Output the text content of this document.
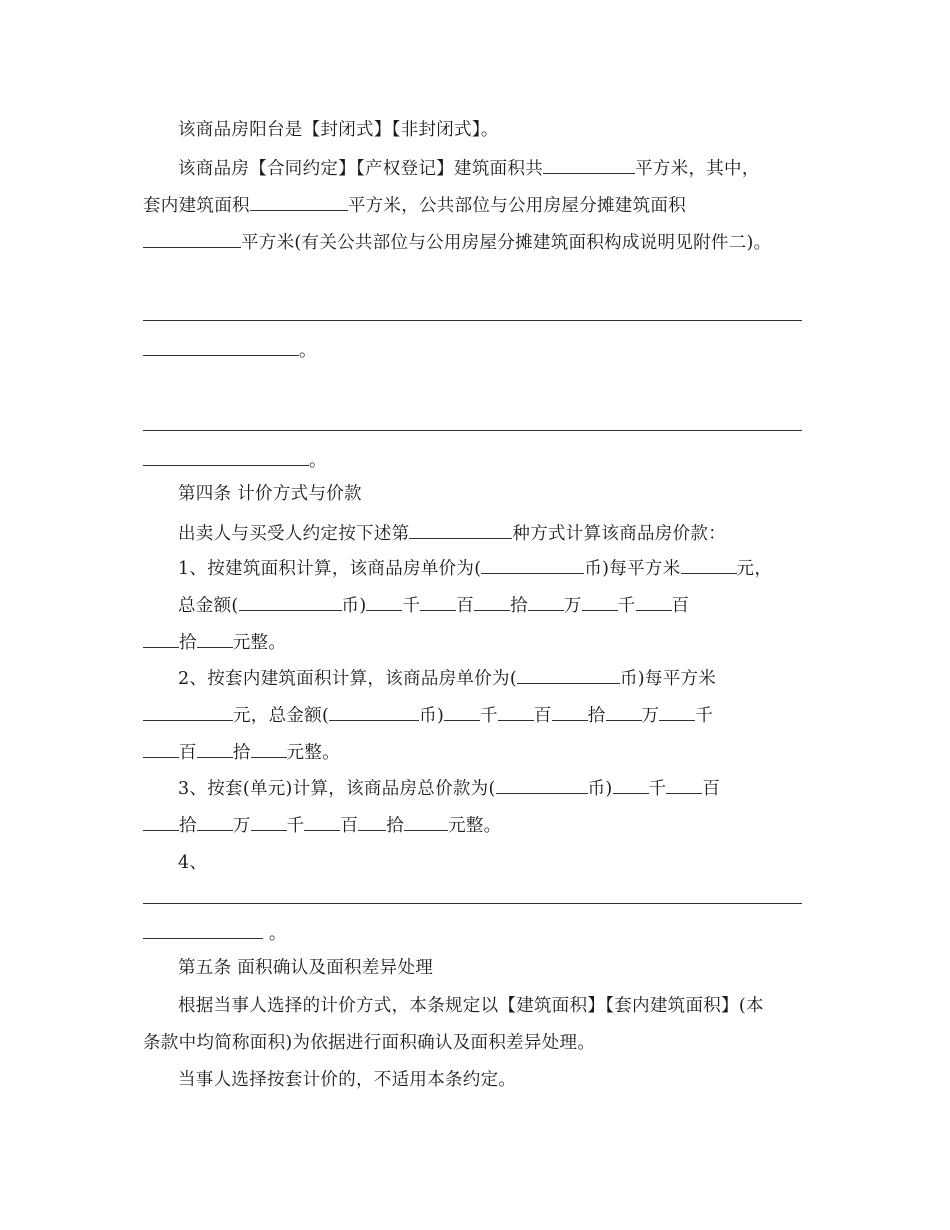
该商品房阳台是【封闭式】【非封闭式】。
该商品房【合同约定】【产权登记】建筑面积共	平方米，其中，
套内建筑面积	平方米，公共部位与公用房屋分摊建筑面积
平方米(有关公共部位与公用房屋分摊建筑面积构成说明见附件二)。
。
。
第四条 计价方式与价款
出卖人与买受人约定按下述第	种方式计算该商品房价款：
1、按建筑面积计算，该商品房单价为(	币)每平方米	元，
总金额(	币) 千 百 拾 万 千 百
拾 元整。
2、按套内建筑面积计算，该商品房单价为(	币)每平方米
元，总金额(	币) 千 百 拾 万 千
百 拾 元整。
3、按套(单元)计算，该商品房总价款为(	币) 千 百
拾 万 千 百 拾	元整。
4、
。
第五条 面积确认及面积差异处理
根据当事人选择的计价方式，本条规定以【建筑面积】【套内建筑面积】(本
条款中均简称面积)为依据进行面积确认及面积差异处理。
当事人选择按套计价的，不适用本条约定。
